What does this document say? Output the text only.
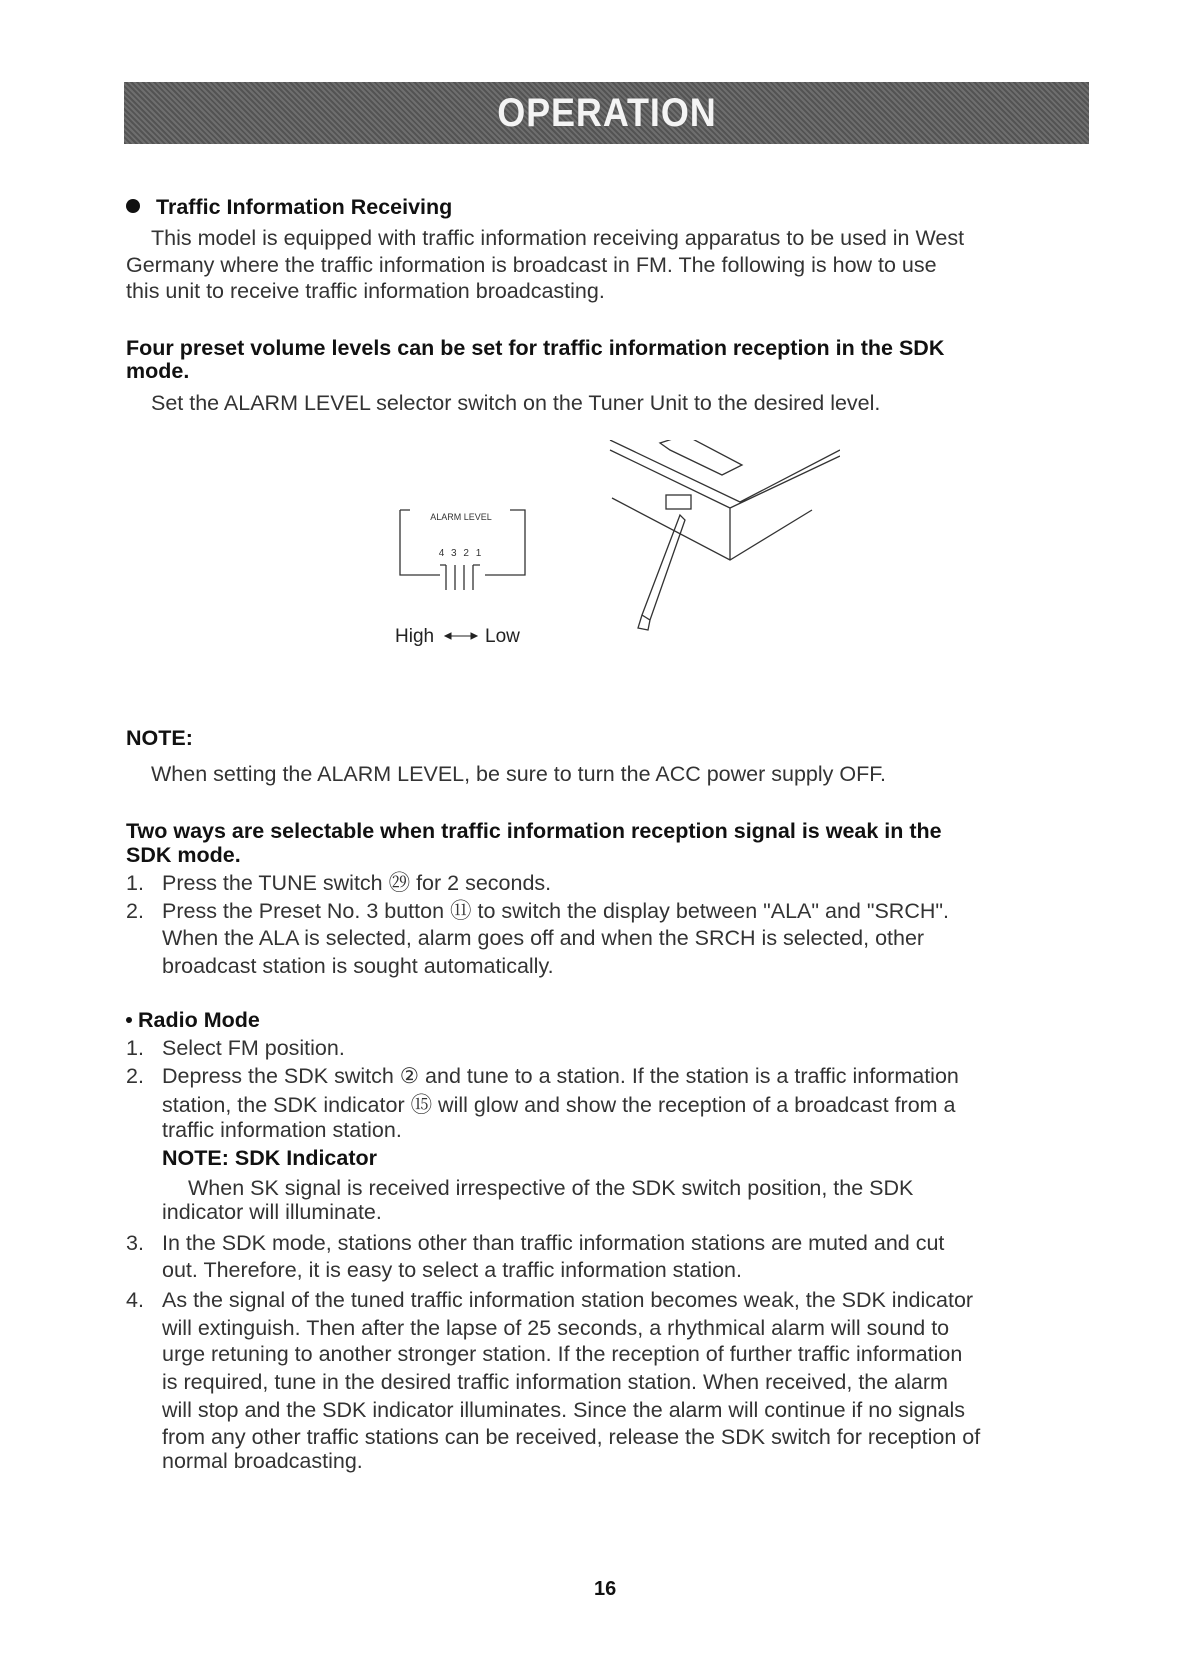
OPERATION
Traffic Information Receiving
This model is equipped with traffic information receiving apparatus to be used in West
Germany where the traffic information is broadcast in FM. The following is how to use
this unit to receive traffic information broadcasting.
Four preset volume levels can be set for traffic information reception in the SDK
mode.
Set the ALARM LEVEL selector switch on the Tuner Unit to the desired level.
ALARM LEVEL
4 3 2 1
High	Low
NOTE:
When setting the ALARM LEVEL, be sure to turn the ACC power supply OFF.
Two ways are selectable when traffic information reception signal is weak in the
SDK mode.
1. Press the TUNE switch ㉙ for 2 seconds.
2. Press the Preset No. 3 button ⑪ to switch the display between "ALA" and "SRCH".
When the ALA is selected, alarm goes off and when the SRCH is selected, other
broadcast station is sought automatically.
Radio Mode
1. Select FM position.
2. Depress the SDK switch ② and tune to a station. If the station is a traffic information
station, the SDK indicator ⑮ will glow and show the reception of a broadcast from a
traffic information station.
NOTE: SDK Indicator
When SK signal is received irrespective of the SDK switch position, the SDK
indicator will illuminate.
3. In the SDK mode, stations other than traffic information stations are muted and cut
out. Therefore, it is easy to select a traffic information station.
4. As the signal of the tuned traffic information station becomes weak, the SDK indicator
will extinguish. Then after the lapse of 25 seconds, a rhythmical alarm will sound to
urge retuning to another stronger station. If the reception of further traffic information
is required, tune in the desired traffic information station. When received, the alarm
will stop and the SDK indicator illuminates. Since the alarm will continue if no signals
from any other traffic stations can be received, release the SDK switch for reception of
normal broadcasting.
16
